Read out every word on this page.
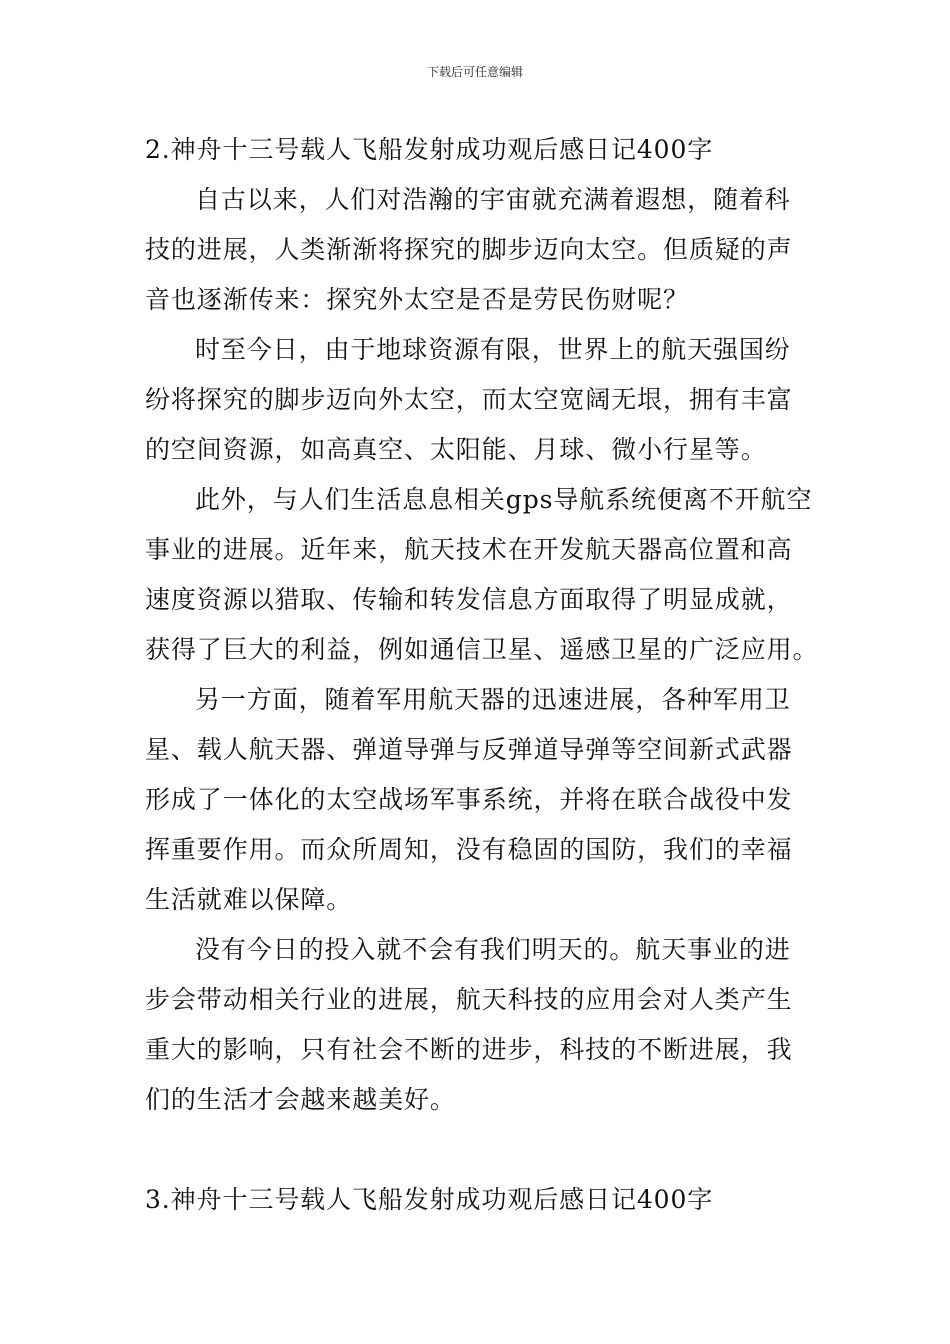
下载后可任意编辑
2.神舟十三号载人飞船发射成功观后感日记400字
自古以来，人们对浩瀚的宇宙就充满着遐想，随着科
技的进展，人类渐渐将探究的脚步迈向太空。但质疑的声
音也逐渐传来：探究外太空是否是劳民伤财呢？
时至今日，由于地球资源有限，世界上的航天强国纷
纷将探究的脚步迈向外太空，而太空宽阔无垠，拥有丰富
的空间资源，如高真空、太阳能、月球、微小行星等。
此外，与人们生活息息相关gps导航系统便离不开航空
事业的进展。近年来，航天技术在开发航天器高位置和高
速度资源以猎取、传输和转发信息方面取得了明显成就，
获得了巨大的利益，例如通信卫星、遥感卫星的广泛应用。
另一方面，随着军用航天器的迅速进展，各种军用卫
星、载人航天器、弹道导弹与反弹道导弹等空间新式武器
形成了一体化的太空战场军事系统，并将在联合战役中发
挥重要作用。而众所周知，没有稳固的国防，我们的幸福
生活就难以保障。
没有今日的投入就不会有我们明天的。航天事业的进
步会带动相关行业的进展，航天科技的应用会对人类产生
重大的影响，只有社会不断的进步，科技的不断进展，我
们的生活才会越来越美好。
3.神舟十三号载人飞船发射成功观后感日记400字
